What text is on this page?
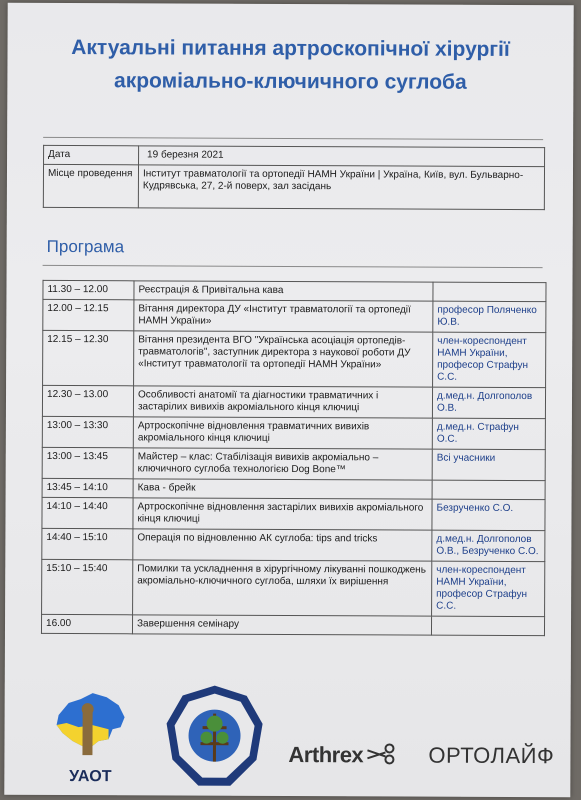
Актуальні питання артроскопічної хірургії
акроміально-ключичного суглоба
Дата	19 березня 2021
Місце проведення	Інститут травматології та ортопедії НАМН України | Україна, Київ, вул. Бульварно- Кудрявська, 27, 2-й поверх, зал засідань
Програма
11.30 – 12.00	Реєстрація & Привітальна кава	
12.00 – 12.15	Вітання директора ДУ «Інститут травматології та ортопедії НАМН України»	професор Поляченко Ю.В.
12.15 – 12.30	Вітання президента ВГО "Українська асоціація ортопедів-травматологів", заступник директора з наукової роботи ДУ «Інститут травматології та ортопедії НАМН України»	член-кореспондент НАМН України, професор Страфун С.С.
12.30 – 13.00	Особливості анатомії та діагностики травматичних і застарілих вивихів акроміального кінця ключиці	д.мед.н. Долгополов О.В.
13:00 – 13:30	Артроскопічне відновлення травматичних вивихів акроміального кінця ключиці	д.мед.н. Страфун О.С.
13:00 – 13:45	Майстер – клас: Стабілізація вивихів акроміально – ключичного суглоба технологією Dog Bone™	Всі учасники
13:45 – 14:10	Кава - брейк	
14:10 – 14:40	Артроскопічне відновлення застарілих вивихів акроміального кінця ключиці	Безрученко С.О.
14:40 – 15:10	Операція по відновленню АК суглоба: tips and tricks	д.мед.н. Долгополов О.В., Безрученко С.О.
15:10 – 15:40	Помилки та ускладнення в хірургічному лікуванні пошкоджень акроміально-ключичного суглоба, шляхи їх вирішення	член-кореспондент НАМН України, професор Страфун С.С.
16.00	Завершення семінару	
УАОТ
Arthrex	ОРТОЛАЙФ
